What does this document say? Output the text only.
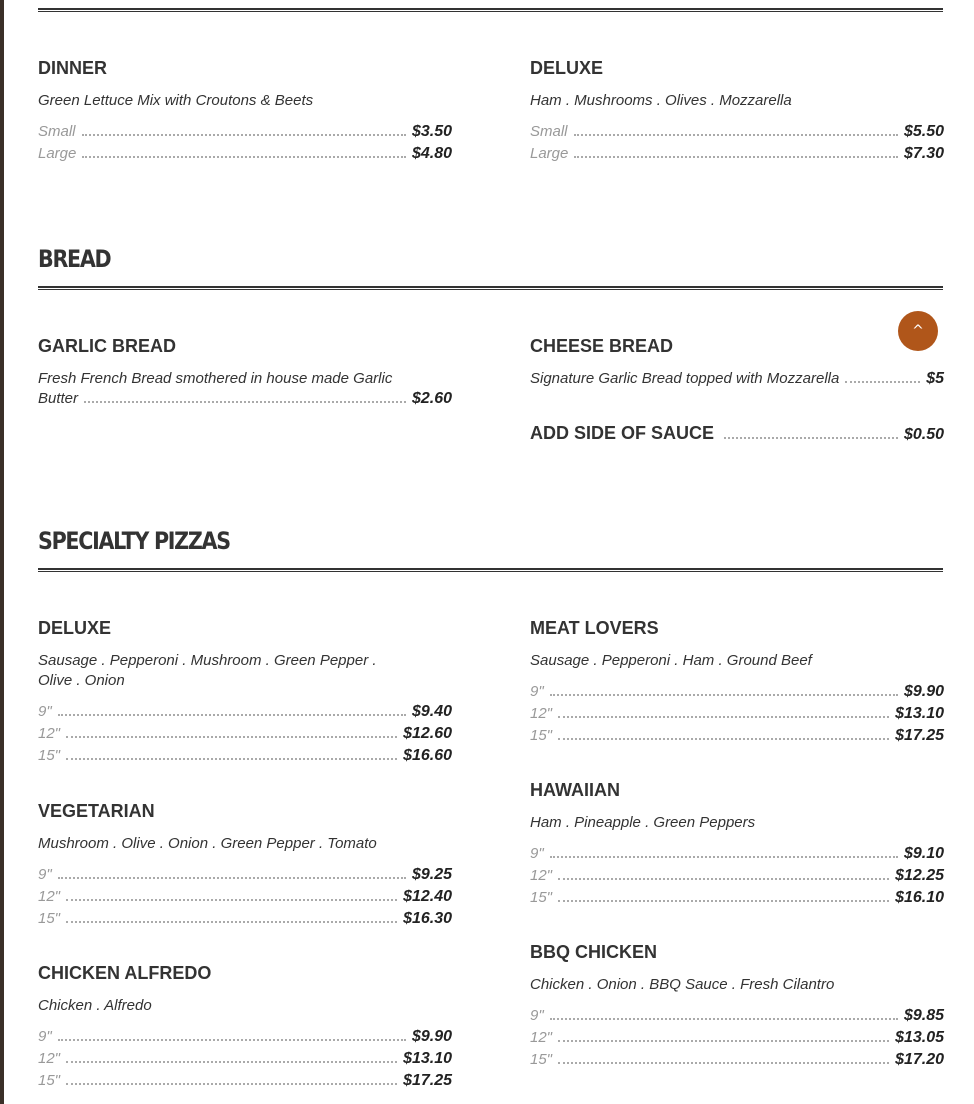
DINNER

Green Lettuce Mix with Croutons & Beets

Small	$3.50
Large	$4.80
DELUXE

Ham . Mushrooms . Olives . Mozzarella

Small	$5.50
Large	$7.30
BREAD
GARLIC BREAD

Fresh French Bread smothered in house made Garlic

Butter	$2.60
CHEESE BREAD
Signature Garlic Bread topped with Mozzarella	$5
ADD SIDE OF SAUCE	$0.50
^
SPECIALTY PIZZAS
DELUXE

Sausage . Pepperoni . Mushroom . Green Pepper .
Olive . Onion

9"	$9.40
12"	$12.60
15"	$16.60
VEGETARIAN

Mushroom . Olive . Onion . Green Pepper . Tomato

9"	$9.25
12"	$12.40
15"	$16.30
CHICKEN ALFREDO

Chicken . Alfredo

9"	$9.90
12"	$13.10
15"	$17.25
MEAT LOVERS

Sausage . Pepperoni . Ham . Ground Beef

9"	$9.90
12"	$13.10
15"	$17.25
HAWAIIAN

Ham . Pineapple . Green Peppers

9"	$9.10
12"	$12.25
15"	$16.10
BBQ CHICKEN

Chicken . Onion . BBQ Sauce . Fresh Cilantro

9"	$9.85
12"	$13.05
15"	$17.20
